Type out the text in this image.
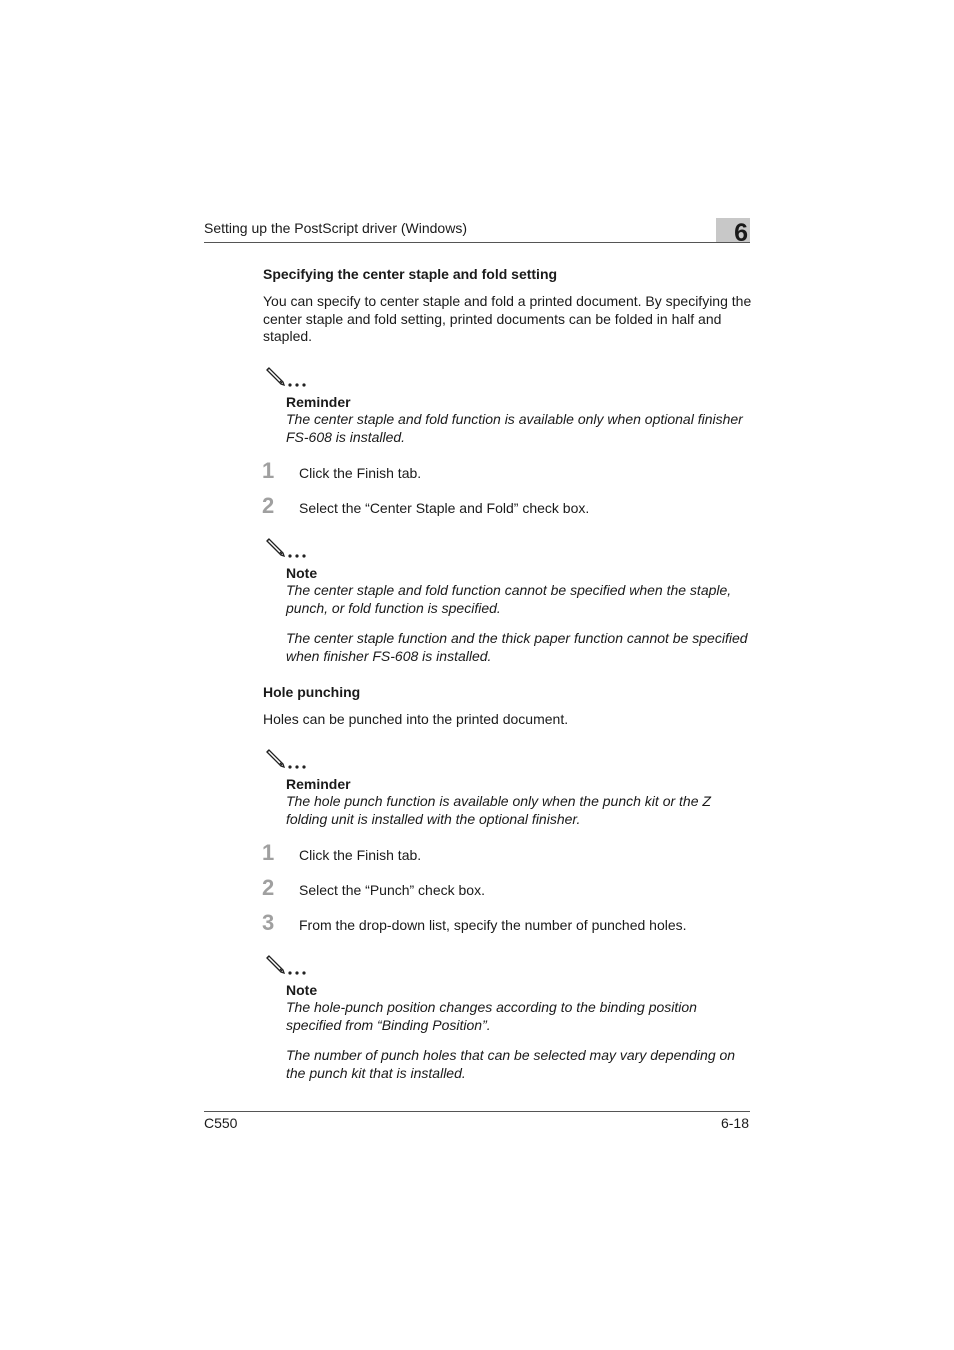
Setting up the PostScript driver (Windows)	6
Specifying the center staple and fold setting
You can specify to center staple and fold a printed document. By specifying the center staple and fold setting, printed documents can be folded in half and stapled.
Reminder
The center staple and fold function is available only when optional finisher FS-608 is installed.
1	Click the Finish tab.
2	Select the “Center Staple and Fold” check box.
Note
The center staple and fold function cannot be specified when the staple, punch, or fold function is specified.
The center staple function and the thick paper function cannot be specified when finisher FS-608 is installed.
Hole punching
Holes can be punched into the printed document.
Reminder
The hole punch function is available only when the punch kit or the Z folding unit is installed with the optional finisher.
1	Click the Finish tab.
2	Select the “Punch” check box.
3	From the drop-down list, specify the number of punched holes.
Note
The hole-punch position changes according to the binding position specified from “Binding Position”.
The number of punch holes that can be selected may vary depending on the punch kit that is installed.
C550	6-18
